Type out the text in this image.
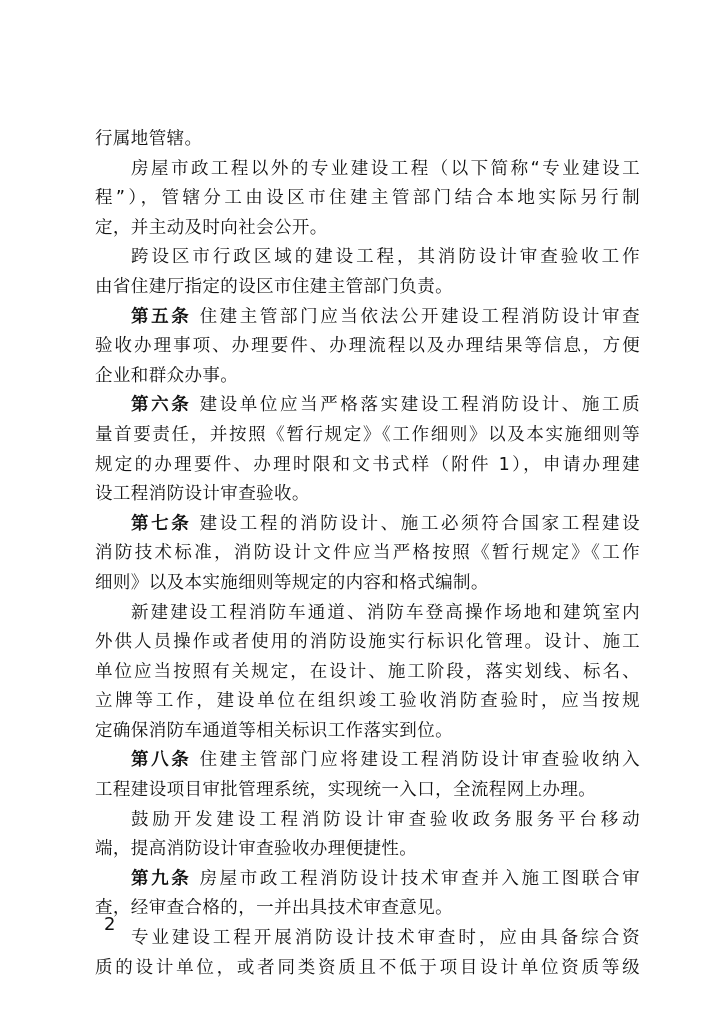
行属地管辖。
房屋市政工程以外的专业建设工程（以下简称“专业建设工
程”），管辖分工由设区市住建主管部门结合本地实际另行制
定，并主动及时向社会公开。
跨设区市行政区域的建设工程，其消防设计审查验收工作
由省住建厅指定的设区市住建主管部门负责。
第五条 住建主管部门应当依法公开建设工程消防设计审查
验收办理事项、办理要件、办理流程以及办理结果等信息，方便
企业和群众办事。
第六条 建设单位应当严格落实建设工程消防设计、施工质
量首要责任，并按照《暂行规定》《工作细则》以及本实施细则等
规定的办理要件、办理时限和文书式样（附件 1），申请办理建
设工程消防设计审查验收。
第七条 建设工程的消防设计、施工必须符合国家工程建设
消防技术标准，消防设计文件应当严格按照《暂行规定》《工作
细则》以及本实施细则等规定的内容和格式编制。
新建建设工程消防车通道、消防车登高操作场地和建筑室内
外供人员操作或者使用的消防设施实行标识化管理。设计、施工
单位应当按照有关规定，在设计、施工阶段，落实划线、标名、
立牌等工作，建设单位在组织竣工验收消防查验时，应当按规
定确保消防车通道等相关标识工作落实到位。
第八条 住建主管部门应将建设工程消防设计审查验收纳入
工程建设项目审批管理系统，实现统一入口，全流程网上办理。
鼓励开发建设工程消防设计审查验收政务服务平台移动
端，提高消防设计审查验收办理便捷性。
第九条 房屋市政工程消防设计技术审查并入施工图联合审
查，经审查合格的，一并出具技术审查意见。
专业建设工程开展消防设计技术审查时，应由具备综合资
质的设计单位，或者同类资质且不低于项目设计单位资质等级
2
